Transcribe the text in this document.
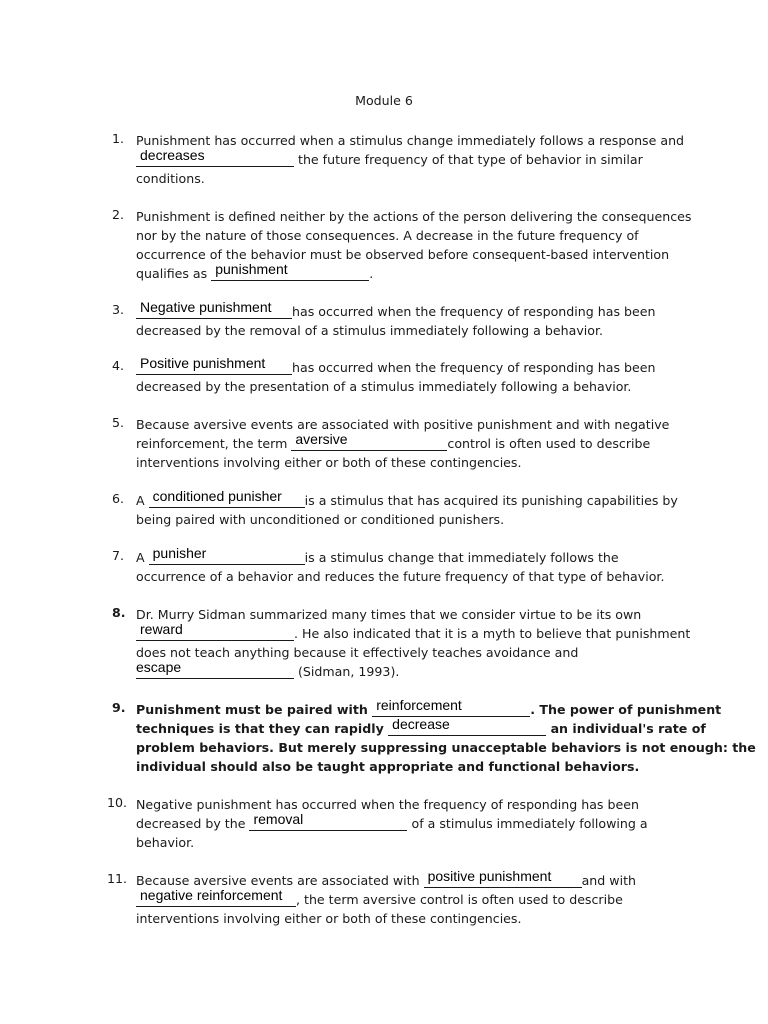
Module 6
1. Punishment has occurred when a stimulus change immediately follows a response and
decreases	the future frequency of that type of behavior in similar
conditions.
2. Punishment is defined neither by the actions of the person delivering the consequences
nor by the nature of those consequences. A decrease in the future frequency of
occurrence of the behavior must be observed before consequent-based intervention
qualifies as punishment	.
3.	Negative punishment has occurred when the frequency of responding has been
decreased by the removal of a stimulus immediately following a behavior.
4.	Positive punishment has occurred when the frequency of responding has been
decreased by the presentation of a stimulus immediately following a behavior.
5. Because aversive events are associated with positive punishment and with negative
reinforcement, the term aversive	control is often used to describe
interventions involving either or both of these contingencies.
6. A conditioned punisher is a stimulus that has acquired its punishing capabilities by
being paired with unconditioned or conditioned punishers.
7. A punisher	is a stimulus change that immediately follows the
occurrence of a behavior and reduces the future frequency of that type of behavior.
8. Dr. Murry Sidman summarized many times that we consider virtue to be its own
reward	. He also indicated that it is a myth to believe that punishment
does not teach anything because it effectively teaches avoidance and
escape	(Sidman, 1993).
9. Punishment must be paired with reinforcement	. The power of punishment
techniques is that they can rapidly decrease	an individual's rate of
problem behaviors. But merely suppressing unacceptable behaviors is not enough: the
individual should also be taught appropriate and functional behaviors.
10. Negative punishment has occurred when the frequency of responding has been
decreased by the removal	of a stimulus immediately following a
behavior.
11. Because aversive events are associated with positive punishment and with
negative reinforcement , the term aversive control is often used to describe
interventions involving either or both of these contingencies.
